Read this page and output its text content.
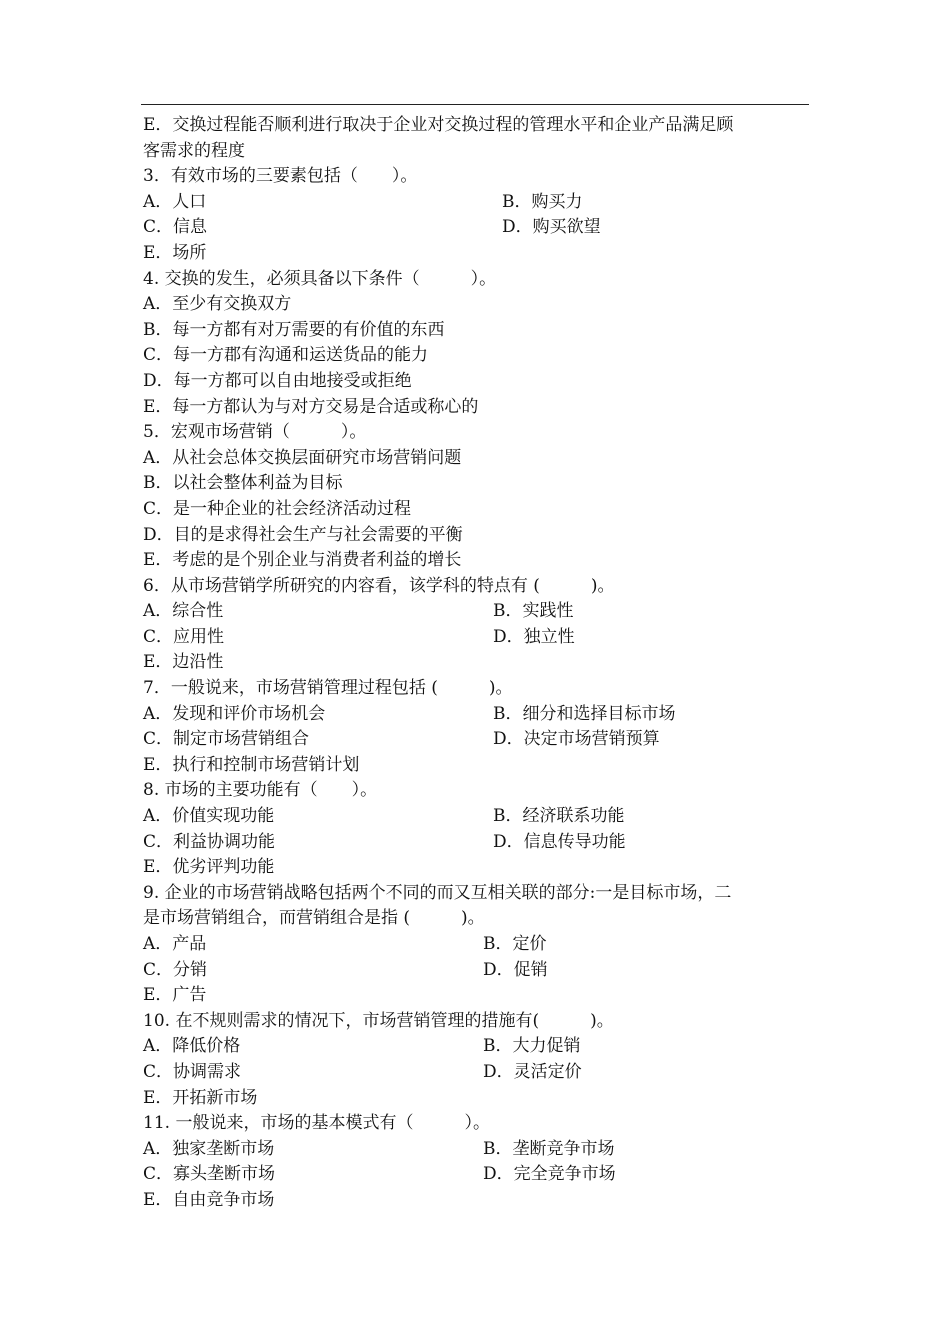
E．交换过程能否顺利进行取决于企业对交换过程的管理水平和企业产品满足顾
客需求的程度
3．有效市场的三要素包括（　　）。
A．人口	B．购买力
C．信息	D．购买欲望
E．场所
4. 交换的发生，必须具备以下条件（　　　）。
A．至少有交换双方
B．每一方都有对万需要的有价值的东西
C．每一方郡有沟通和运送货品的能力
D．每一方都可以自由地接受或拒绝
E．每一方都认为与对方交易是合适或称心的
5．宏观市场营销（　　　）。
A．从社会总体交换层面研究市场营销问题
B．以社会整体利益为目标
C．是一种企业的社会经济活动过程
D．目的是求得社会生产与社会需要的平衡
E．考虑的是个别企业与消费者利益的增长
6．从市场营销学所研究的内容看，该学科的特点有 (　　　)。
A．综合性	B．实践性
C．应用性	D．独立性
E．边沿性
7．一般说来，市场营销管理过程包括 (　　　)。
A．发现和评价市场机会	B．细分和选择目标市场
C．制定市场营销组合	D．决定市场营销预算
E．执行和控制市场营销计划
8. 市场的主要功能有（　　）。
A．价值实现功能	B．经济联系功能
C．利益协调功能	D．信息传导功能
E．优劣评判功能
9. 企业的市场营销战略包括两个不同的而又互相关联的部分:一是目标市场，二
是市场营销组合，而营销组合是指 (　　　)。
A．产品	B．定价
C．分销	D．促销
E．广告
10. 在不规则需求的情况下，市场营销管理的措施有(　　　)。
A．降低价格	B．大力促销
C．协调需求	D．灵活定价
E．开拓新市场
11. 一般说来，市场的基本模式有（　　　）。
A．独家垄断市场	B．垄断竞争市场
C．寡头垄断市场	D．完全竞争市场
E．自由竞争市场
